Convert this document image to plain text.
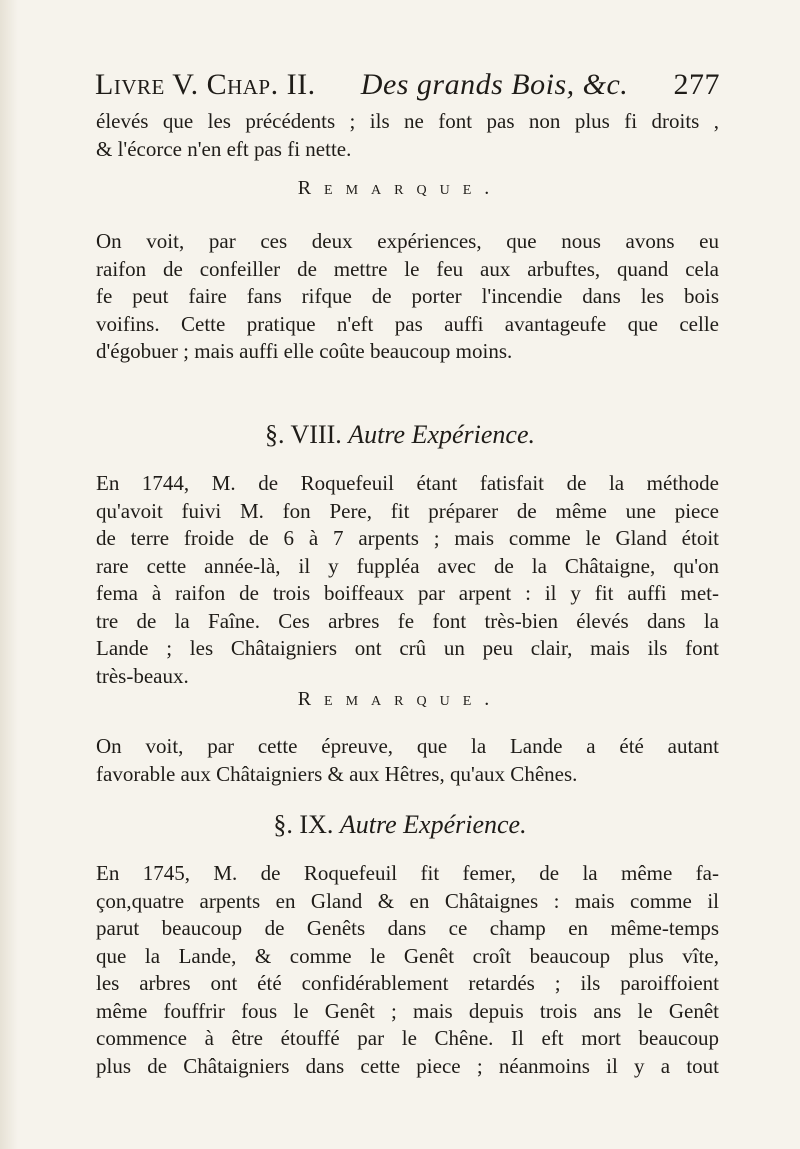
Livre V. Chap. II. Des grands Bois, &c. 277
élevés que les précédents ; ils ne font pas non plus fi droits ,
& l'écorce n'en eft pas fi nette.
Remarque.
On voit, par ces deux expériences, que nous avons eu
raifon de confeiller de mettre le feu aux arbuftes, quand cela
fe peut faire fans rifque de porter l'incendie dans les bois
voifins. Cette pratique n'eft pas auffi avantageufe que celle
d'égobuer ; mais auffi elle coûte beaucoup moins.
§. VIII. Autre Expérience.
En 1744, M. de Roquefeuil étant fatisfait de la méthode
qu'avoit fuivi M. fon Pere, fit préparer de même une piece
de terre froide de 6 à 7 arpents ; mais comme le Gland étoit
rare cette année-là, il y fuppléa avec de la Châtaigne, qu'on
fema à raifon de trois boiffeaux par arpent : il y fit auffi met-
tre de la Faîne. Ces arbres fe font très-bien élevés dans la
Lande ; les Châtaigniers ont crû un peu clair, mais ils font
très-beaux.
Remarque.
On voit, par cette épreuve, que la Lande a été autant
favorable aux Châtaigniers & aux Hêtres, qu'aux Chênes.
§. IX. Autre Expérience.
En 1745, M. de Roquefeuil fit femer, de la même fa-
çon,quatre arpents en Gland & en Châtaignes : mais comme il
parut beaucoup de Genêts dans ce champ en même-temps
que la Lande, & comme le Genêt croît beaucoup plus vîte,
les arbres ont été confidérablement retardés ; ils paroiffoient
même fouffrir fous le Genêt ; mais depuis trois ans le Genêt
commence à être étouffé par le Chêne. Il eft mort beaucoup
plus de Châtaigniers dans cette piece ; néanmoins il y a tout
